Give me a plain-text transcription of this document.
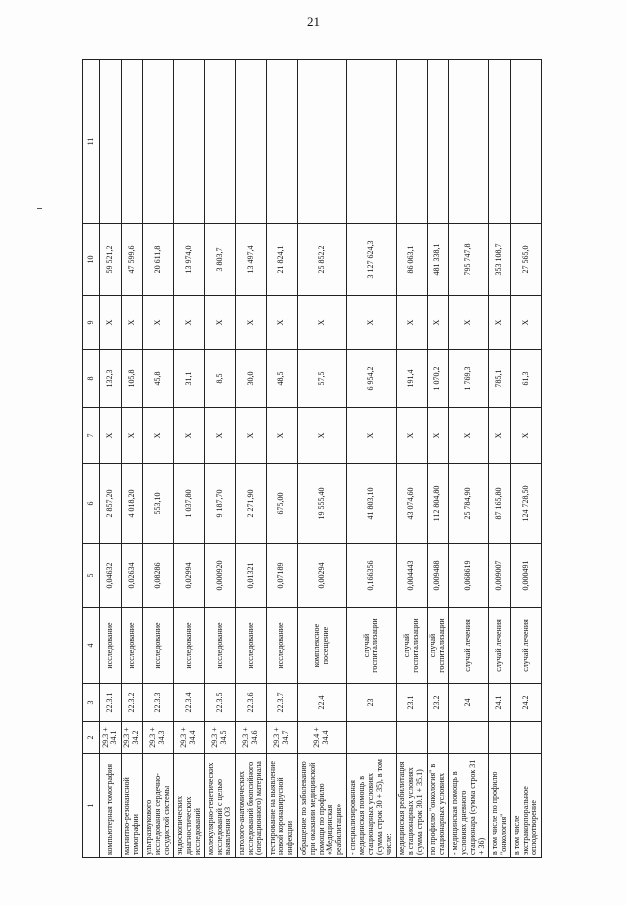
21
1	2	3	4	5	6	7	8	9	10	11
компьютерная томография	29.3 + 34.1	22.3.1	исследование	0,04632	2 857,20	X	132,3	X	59 521,2	
магнитно-резонансной томографии	29.3 + 34.2	22.3.2	исследование	0,02634	4 018,20	X	105,8	X	47 599,6	
ультразвукового исследования сердечно-сосудистой системы	29.3 + 34.3	22.3.3	исследование	0,08286	553,10	X	45,8	X	20 611,8	
эндоскопических диагностических исследований	29.3 + 34.4	22.3.4	исследование	0,02994	1 037,80	X	31,1	X	13 974,0	
молекулярно-генетических исследований с целью выявления ОЗ	29.3 + 34.5	22.3.5	исследование	0,000920	9 187,70	X	8,5	X	3 803,7	
патолого-анатомических исследований биопсийного (операционного) материала	29.3 + 34.6	22.3.6	исследование	0,01321	2 271,90	X	30,0	X	13 497,4	
тестирование на выявление новой коронавирусной инфекции	29.3 + 34.7	22.3.7	исследование	0,07189	675,00	X	48,5	X	21 824,1	
обращение по заболеванию при оказании медицинской помощи по профилю «Медицинская реабилитация»	29.4 + 34.4	22.4	комплексное посещение	0,00294	19 555,40	X	57,5	X	25 852,2	
- специализированная медицинская помощь в стационарных условиях (сумма строк 30 + 35), в том числе:		23	случай госпитализации	0,166356	41 803,10	X	6 954,2	X	3 127 624,3	
медицинская реабилитация в стационарных условиях (сумма строк 30.1 + 35.1)		23.1	случай госпитализации	0,004443	43 074,60	X	191,4	X	86 063,1	
по профилю "онкология" в стационарных условиях		23.2	случай госпитализации	0,009488	112 804,80	X	1 070,2	X	481 338,1	
- медицинская помощь в условиях дневного стационара (сумма строк 31 + 36)		24	случай лечения	0,068619	25 784,90	X	1 769,3	X	795 747,8	
в том числе по профилю "онкология"		24.1	случай лечения	0,009007	87 165,80	X	785,1	X	353 108,7	
в том числе экстракорпоральное оплодотворение		24.2	случай лечения	0,000491	124 728,50	X	61,3	X	27 565,0	
